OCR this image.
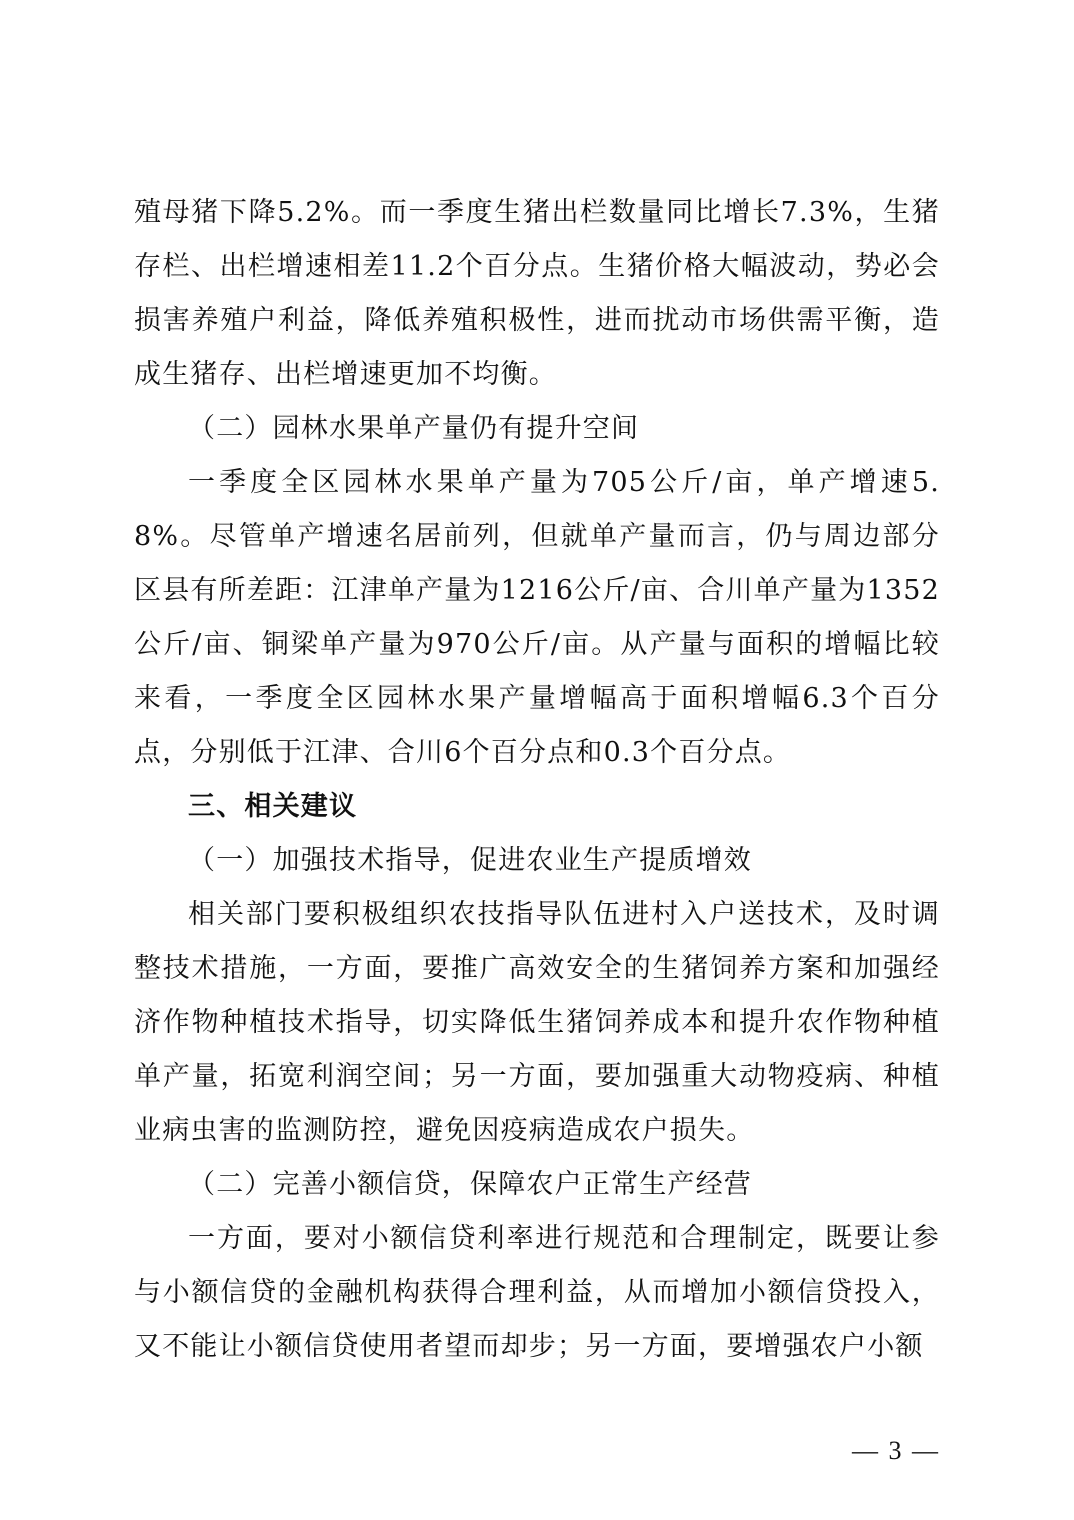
殖母猪下降5.2%。而一季度生猪出栏数量同比增长7.3%，生猪存栏、出栏增速相差11.2个百分点。生猪价格大幅波动，势必会损害养殖户利益，降低养殖积极性，进而扰动市场供需平衡，造成生猪存、出栏增速更加不均衡。

（二）园林水果单产量仍有提升空间

一季度全区园林水果单产量为705公斤/亩，单产增速5.8%。尽管单产增速名居前列，但就单产量而言，仍与周边部分区县有所差距：江津单产量为1216公斤/亩、合川单产量为1352公斤/亩、铜梁单产量为970公斤/亩。从产量与面积的增幅比较来看，一季度全区园林水果产量增幅高于面积增幅6.3个百分点，分别低于江津、合川6个百分点和0.3个百分点。

三、相关建议

（一）加强技术指导，促进农业生产提质增效

相关部门要积极组织农技指导队伍进村入户送技术，及时调整技术措施，一方面，要推广高效安全的生猪饲养方案和加强经济作物种植技术指导，切实降低生猪饲养成本和提升农作物种植单产量，拓宽利润空间；另一方面，要加强重大动物疫病、种植业病虫害的监测防控，避免因疫病造成农户损失。

（二）完善小额信贷，保障农户正常生产经营

一方面，要对小额信贷利率进行规范和合理制定，既要让参与小额信贷的金融机构获得合理利益，从而增加小额信贷投入，又不能让小额信贷使用者望而却步；另一方面，要增强农户小额

— 3 —
